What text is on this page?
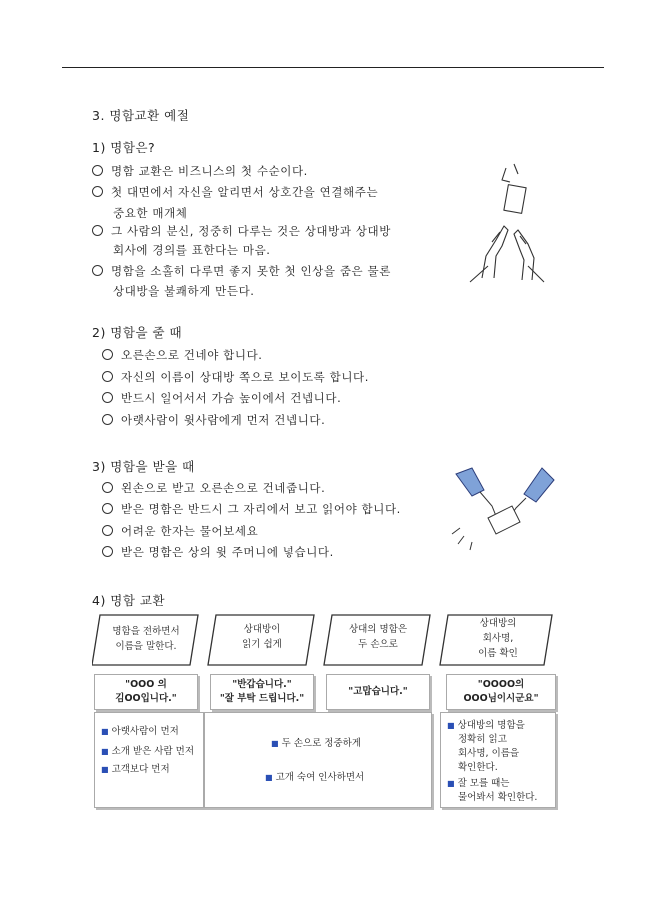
3. 명함교환 예절
1) 명함은?
명함 교환은 비즈니스의 첫 수순이다.
첫 대면에서 자신을 알리면서 상호간을 연결해주는
중요한 매개체
그 사람의 분신, 정중히 다루는 것은 상대방과 상대방
회사에 경의를 표한다는 마음.
명함을 소홀히 다루면 좋지 못한 첫 인상을 줌은 물론
상대방을 불쾌하게 만든다.
2) 명함을 줄 때
오른손으로 건네야 합니다.
자신의 이름이 상대방 쪽으로 보이도록 합니다.
반드시 일어서서 가슴 높이에서 건넵니다.
아랫사람이 윗사람에게 먼저 건넵니다.
3) 명함을 받을 때
왼손으로 받고 오른손으로 건네줍니다.
받은 명함은 반드시 그 자리에서 보고 읽어야 합니다.
어려운 한자는 물어보세요
받은 명함은 상의 윗 주머니에 넣습니다.
4) 명함 교환
명함을 전하면서
이름을 말한다.
상대방이
읽기 쉽게
상대의 명함은
두 손으로
상대방의
회사명,
이름 확인
"OOO 의
김OO입니다."
"반갑습니다."
"잘 부탁 드립니다."
"고맙습니다."
"OOOO의
OOO님이시군요"
■ 아랫사람이 먼저
■ 소개 받은 사람 먼저
■ 고객보다 먼저
■ 두 손으로 정중하게
■ 고개 숙여 인사하면서
■ 상대방의 명함을
정확히 읽고
회사명, 이름을
확인한다.
■ 잘 모를 때는
물어봐서 확인한다.
